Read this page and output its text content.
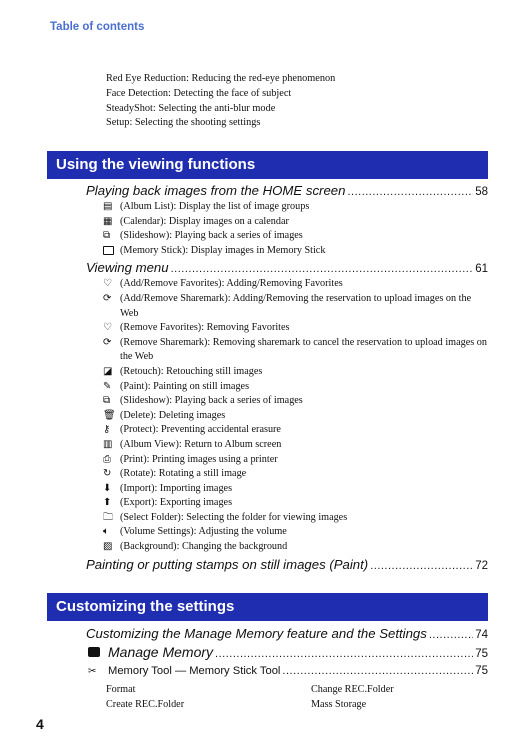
Table of contents
Red Eye Reduction: Reducing the red-eye phenomenon
Face Detection: Detecting the face of subject
SteadyShot: Selecting the anti-blur mode
Setup: Selecting the shooting settings
Using the viewing functions
Playing back images from the HOME screen .....	58
▤ (Album List): Display the list of image groups
▦ (Calendar): Display images on a calendar
⧉ (Slideshow): Playing back a series of images
(Memory Stick): Display images in Memory Stick
Viewing menu .....	61
♡ (Add/Remove Favorites): Adding/Removing Favorites
⟳ (Add/Remove Sharemark): Adding/Removing the reservation to upload images on the Web
♡ (Remove Favorites): Removing Favorites
⟳ (Remove Sharemark): Removing sharemark to cancel the reservation to upload images on the Web
◪ (Retouch): Retouching still images
✎ (Paint): Painting on still images
⧉ (Slideshow): Playing back a series of images
🗑︎ (Delete): Deleting images
⚷ (Protect): Preventing accidental erasure
▥ (Album View): Return to Album screen
⎙ (Print): Printing images using a printer
↻ (Rotate): Rotating a still image
⬇ (Import): Importing images
⬆ (Export): Exporting images
🗀 (Select Folder): Selecting the folder for viewing images
🔈︎	(Volume Settings): Adjusting the volume
▨ (Background): Changing the background
Painting or putting stamps on still images (Paint) .....	72
Customizing the settings
Customizing the Manage Memory feature and the Settings .....	74
Manage Memory .....	75
✂	Memory Tool — Memory Stick Tool .....	75
Format	Change REC.Folder
Create REC.Folder	Mass Storage
4
